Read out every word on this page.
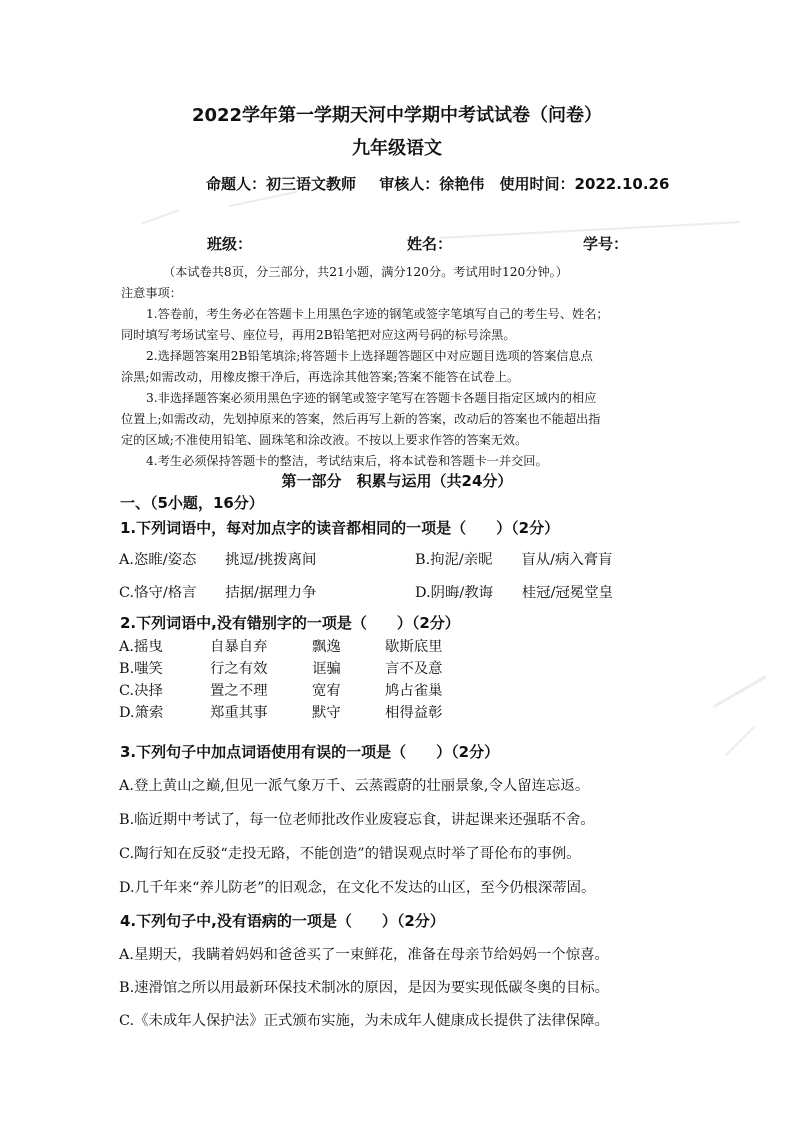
2022学年第一学期天河中学期中考试试卷（问卷）
九年级语文
命题人：初三语文教师 审核人：徐艳伟 使用时间：2022.10.26
班级：	姓名：	学号：
（本试卷共8页，分三部分，共21小题，满分120分。考试用时120分钟。）
注意事项：
1.答卷前，考生务必在答题卡上用黑色字迹的钢笔或签字笔填写自己的考生号、姓名；
同时填写考场试室号、座位号，再用2B铅笔把对应这两号码的标号涂黑。
2.选择题答案用2B铅笔填涂;将答题卡上选择题答题区中对应题目选项的答案信息点
涂黑;如需改动，用橡皮擦干净后，再选涂其他答案;答案不能答在试卷上。
3.非选择题答案必须用黑色字迹的钢笔或签字笔写在答题卡各题目指定区域内的相应
位置上;如需改动，先划掉原来的答案，然后再写上新的答案，改动后的答案也不能超出指
定的区域;不准使用铅笔、圆珠笔和涂改液。不按以上要求作答的答案无效。
4.考生必须保持答题卡的整洁，考试结束后，将本试卷和答题卡一并交回。
第一部分　积累与运用（共24分）
一、（5小题，16分）
1.下列词语中，每对加点字的读音都相同的一项是（　　）（2分）
A.恣睢/姿态　　挑逗/挑拨离间	B.拘泥/亲昵　　盲从/病入膏肓
C.恪守/格言　　拮据/据理力争	D.阴晦/教诲　　桂冠/冠冕堂皇
2.下列词语中,没有错别字的一项是（　　）（2分）
A.摇曳	自暴自弃	飘逸	歇斯底里
B.嗤笑	行之有效	诓骗	言不及意
C.决择	置之不理	宽宥	鸠占雀巢
D.箫索	郑重其事	默守	相得益彰
3.下列句子中加点词语使用有误的一项是（　　）（2分）
A.登上黄山之巅,但见一派气象万千、云蒸霞蔚的壮丽景象,令人留连忘返。
B.临近期中考试了，每一位老师批改作业废寝忘食，讲起课来还强聒不舍。
C.陶行知在反驳“走投无路，不能创造”的错误观点时举了哥伦布的事例。
D.几千年来“养儿防老”的旧观念，在文化不发达的山区，至今仍根深蒂固。
4.下列句子中,没有语病的一项是（　　）（2分）
A.星期天，我瞒着妈妈和爸爸买了一束鲜花，准备在母亲节给妈妈一个惊喜。
B.速滑馆之所以用最新环保技术制冰的原因，是因为要实现低碳冬奥的目标。
C.《未成年人保护法》正式颁布实施，为未成年人健康成长提供了法律保障。
